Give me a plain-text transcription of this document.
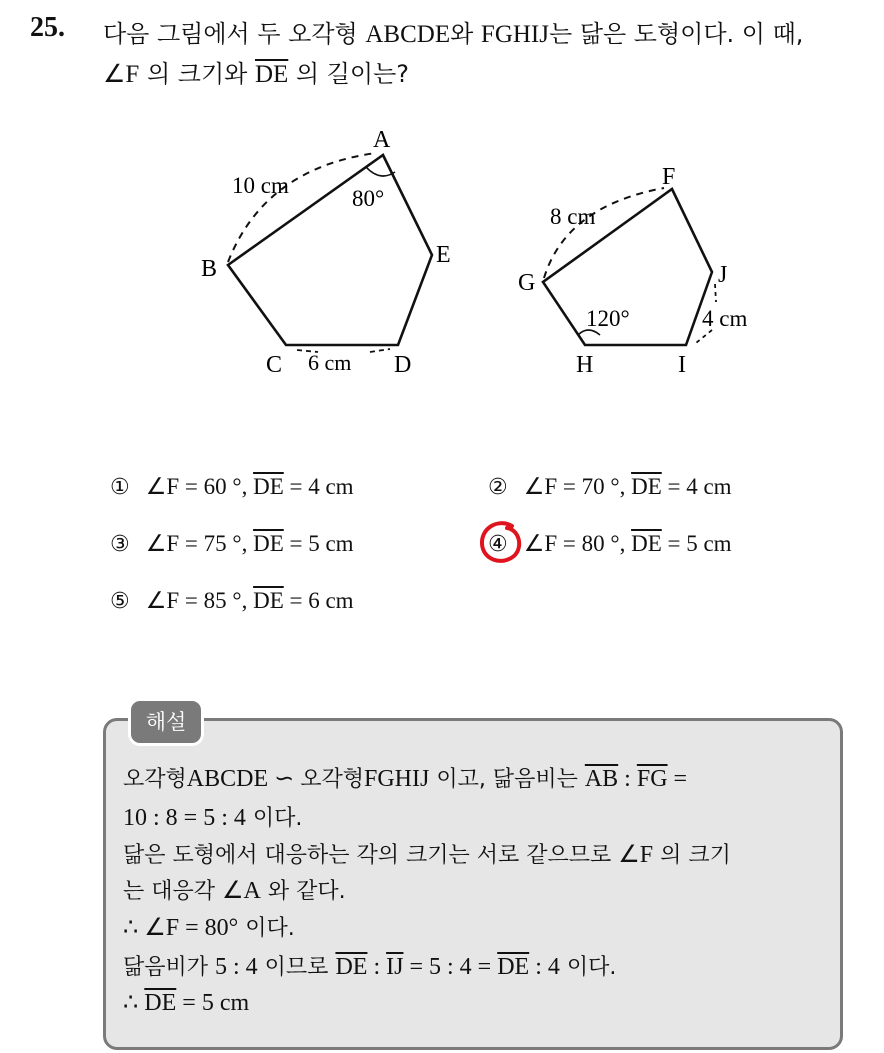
25. 다음 그림에서 두 오각형 ABCDE와 FGHIJ는 닮은 도형이다. 이 때,
∠F 의 크기와 $\overline{DE}$ 의 길이는?
A
B
C	D
E
10 cm
80°
6 cm
F
G
H	I
J
8 cm
120°	4 cm
① ∠F = 60 °, $\overline{DE} = 4$ cm	② ∠F = 70 °, $\overline{DE} = 4$ cm
③ ∠F = 75 °, $\overline{DE} = 5$ cm	④ ∠F = 80 °, $\overline{DE} = 5$ cm
⑤ ∠F = 85 °, $\overline{DE} = 6$ cm
해설
오각형ABCDE ∽ 오각형FGHIJ 이고, 닮음비는 $\overline{AB}$ : $\overline{FG}$ =
10 : 8 = 5 : 4 이다.
닮은 도형에서 대응하는 각의 크기는 서로 같으므로 ∠F 의 크기
는 대응각 ∠A 와 같다.
∴ ∠F = 80° 이다.
닮음비가 5 : 4 이므로 $\overline{DE}$ : $\overline{IJ} = 5$ : $4 = \overline{DE}$ : 4 이다.
∴ $\overline{DE} = 5$ cm
